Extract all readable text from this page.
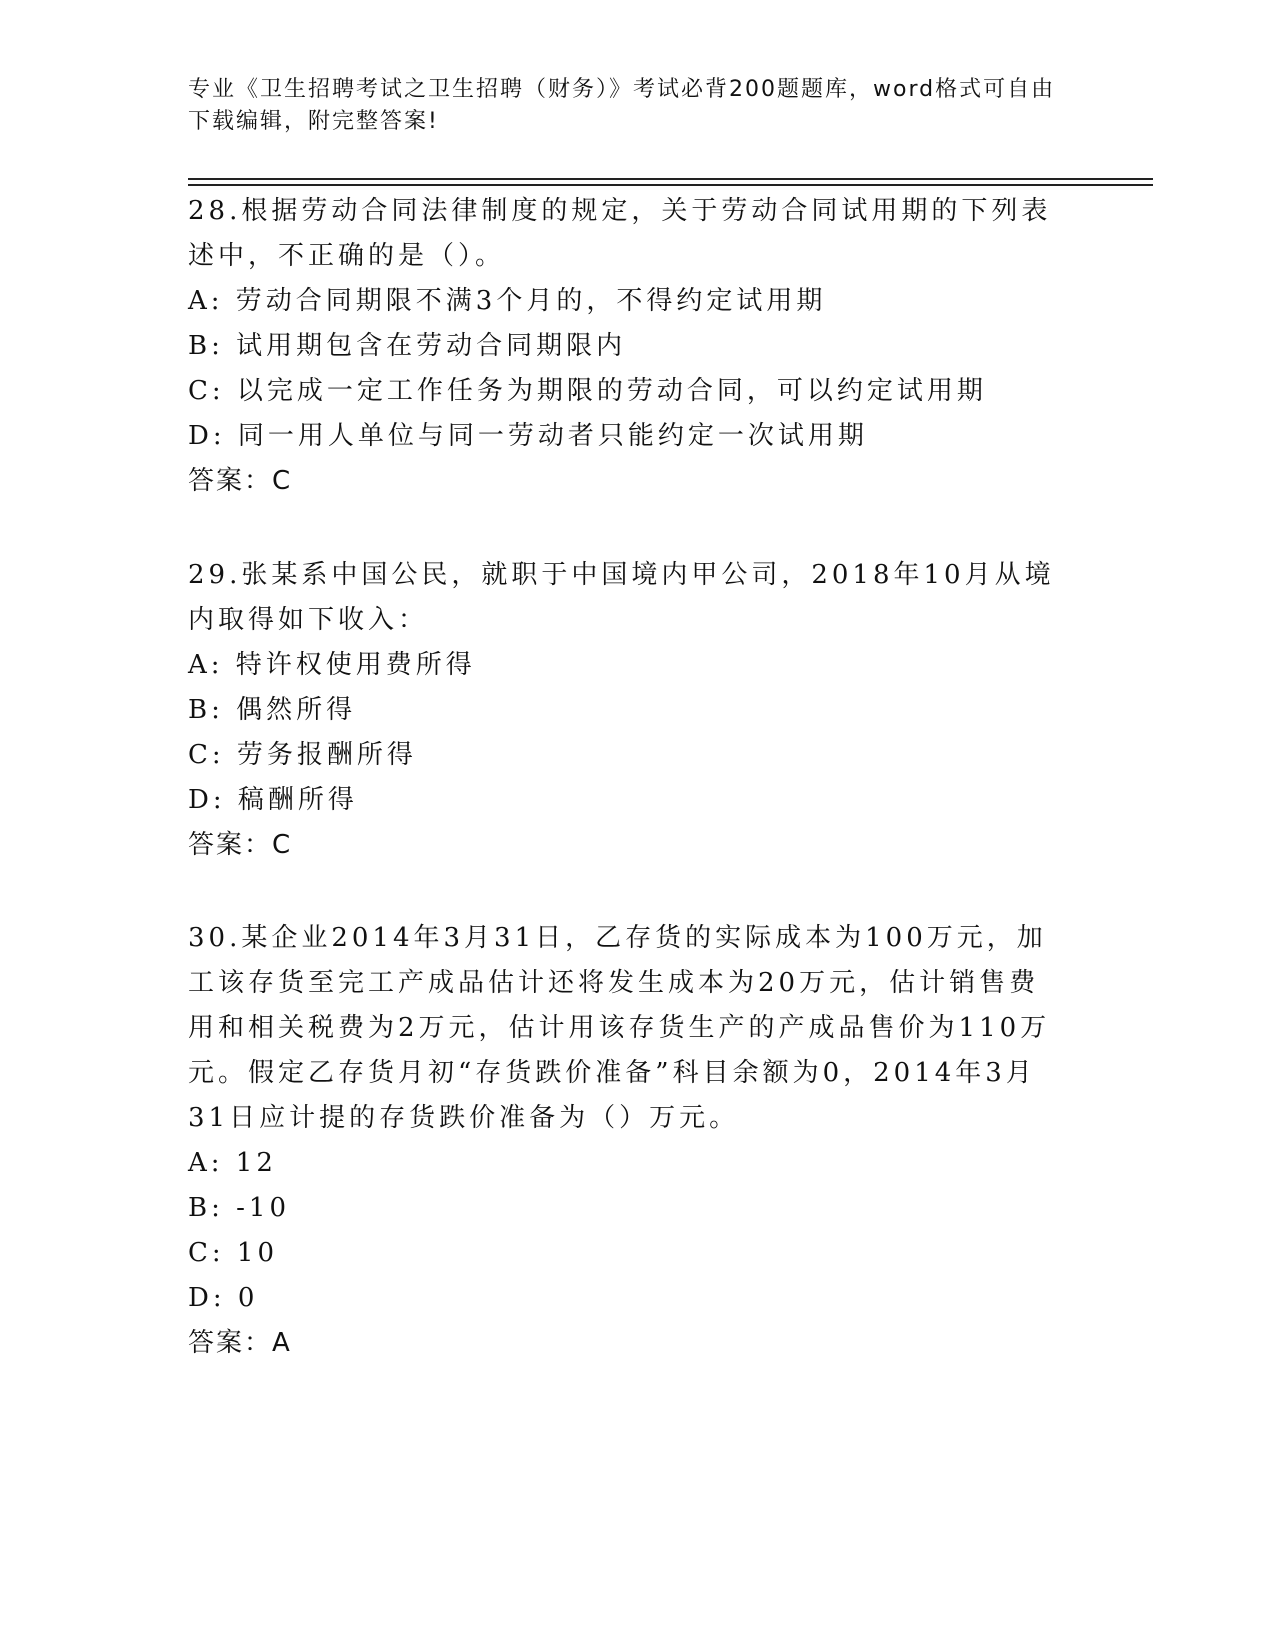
专业《卫生招聘考试之卫生招聘（财务）》考试必背200题题库，word格式可自由下载编辑，附完整答案!

28.根据劳动合同法律制度的规定，关于劳动合同试用期的下列表述中，不正确的是（）。

A: 劳动合同期限不满3个月的，不得约定试用期

B: 试用期包含在劳动合同期限内

C: 以完成一定工作任务为期限的劳动合同，可以约定试用期

D: 同一用人单位与同一劳动者只能约定一次试用期

答案：C

29.张某系中国公民，就职于中国境内甲公司，2018年10月从境内取得如下收入：

A: 特许权使用费所得

B: 偶然所得

C: 劳务报酬所得

D: 稿酬所得

答案：C

30.某企业2014年3月31日，乙存货的实际成本为100万元，加工该存货至完工产成品估计还将发生成本为20万元，估计销售费用和相关税费为2万元，估计用该存货生产的产成品售价为110万元。假定乙存货月初“存货跌价准备”科目余额为0，2014年3月31日应计提的存货跌价准备为（）万元。

A: 12

B: -10

C: 10

D: 0

答案：A
